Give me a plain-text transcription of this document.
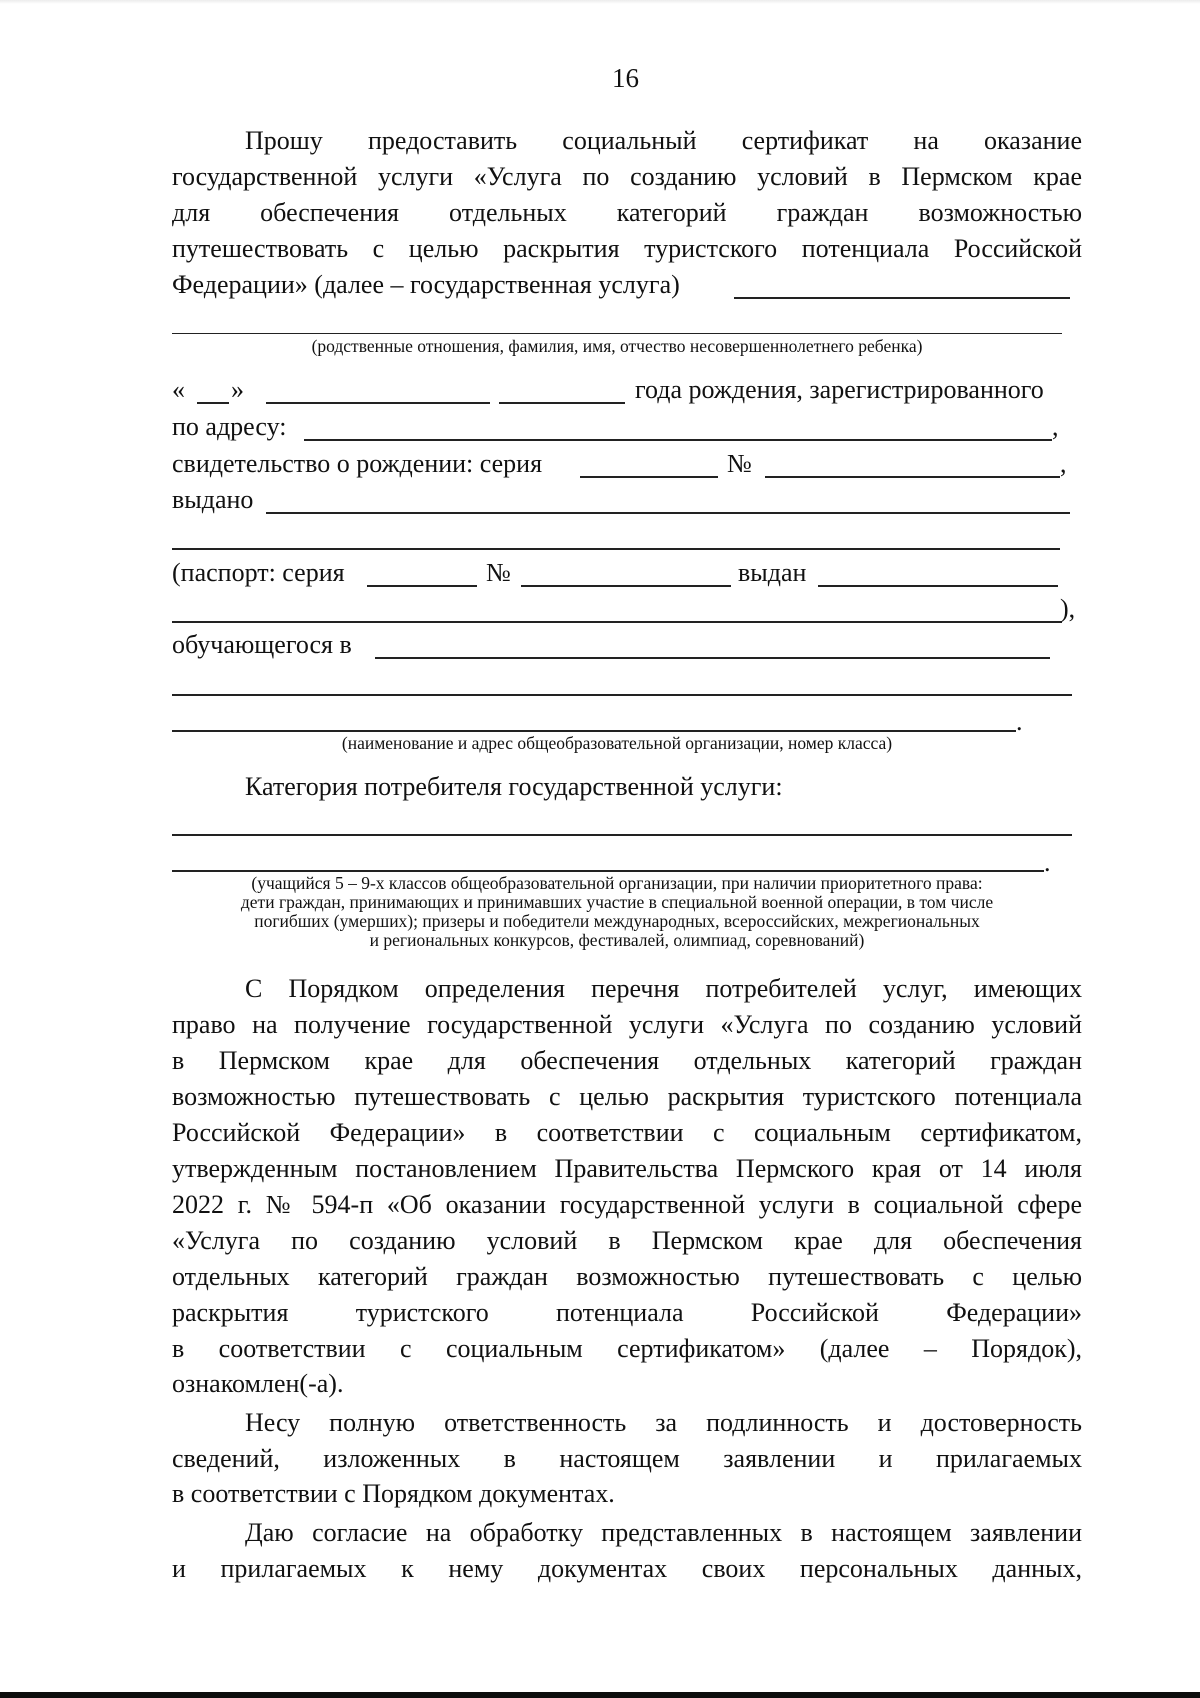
16
Прошу предоставить социальный сертификат на оказание
государственной услуги «Услуга по созданию условий в Пермском крае
для обеспечения отдельных категорий граждан возможностью
путешествовать с целью раскрытия туристского потенциала Российской
Федерации» (далее – государственная услуга)
(родственные отношения, фамилия, имя, отчество несовершеннолетнего ребенка)
« »	года рождения, зарегистрированного
по адресу:	,
свидетельство о рождении: серия	№	,
выдано
(паспорт: серия	№	выдан
),
обучающегося в
.
(наименование и адрес общеобразовательной организации, номер класса)
Категория потребителя государственной услуги:
.
(учащийся 5 – 9-х классов общеобразовательной организации, при наличии приоритетного права:
дети граждан, принимающих и принимавших участие в специальной военной операции, в том числе
погибших (умерших); призеры и победители международных, всероссийских, межрегиональных
и региональных конкурсов, фестивалей, олимпиад, соревнований)
С Порядком определения перечня потребителей услуг, имеющих
право на получение государственной услуги «Услуга по созданию условий
в Пермском крае для обеспечения отдельных категорий граждан
возможностью путешествовать с целью раскрытия туристского потенциала
Российской Федерации» в соответствии с социальным сертификатом,
утвержденным постановлением Правительства Пермского края от 14 июля
2022 г. № 594-п «Об оказании государственной услуги в социальной сфере
«Услуга по созданию условий в Пермском крае для обеспечения
отдельных категорий граждан возможностью путешествовать с целью
раскрытия туристского потенциала Российской Федерации»
в соответствии с социальным сертификатом» (далее – Порядок),
ознакомлен(-а).
Несу полную ответственность за подлинность и достоверность
сведений, изложенных в настоящем заявлении и прилагаемых
в соответствии с Порядком документах.
Даю согласие на обработку представленных в настоящем заявлении
и прилагаемых к нему документах своих персональных данных,
